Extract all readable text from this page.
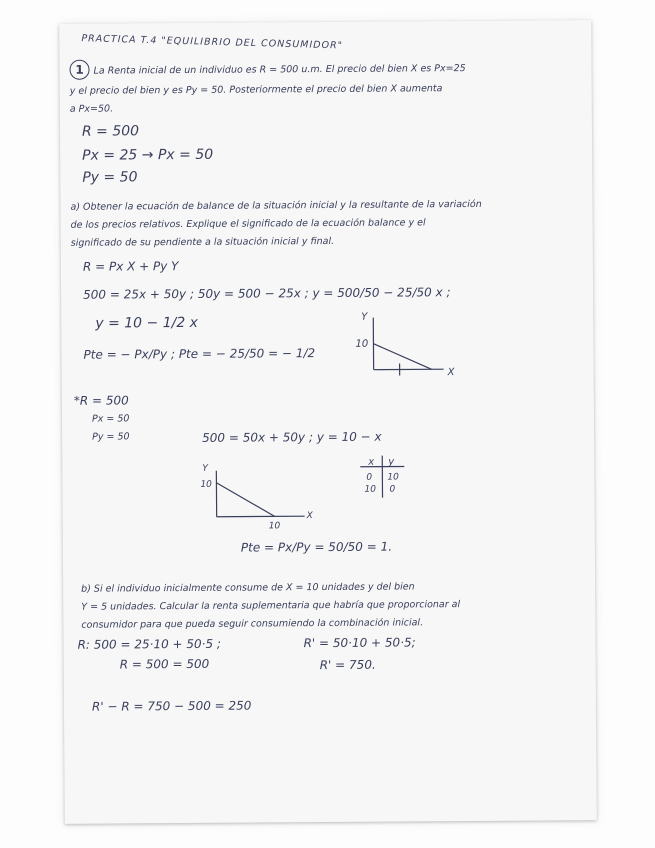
PRACTICA T.4 "EQUILIBRIO DEL CONSUMIDOR"
1	La Renta inicial de un individuo es R = 500 u.m. El precio del bien X es Px=25
y el precio del bien y es Py = 50. Posteriormente el precio del bien X aumenta
a Px=50.
R = 500
Px = 25 → Px = 50
Py = 50
a) Obtener la ecuación de balance de la situación inicial y la resultante de la variación
de los precios relativos. Explique el significado de la ecuación balance y el
significado de su pendiente a la situación inicial y final.
R = Px X + Py Y
500 = 25x + 50y ; 50y = 500 − 25x ; y = 500/50 − 25/50 x ;
y = 10 − 1/2 x
Pte = − Px/Py ; Pte = − 25/50 = − 1/2
Y
X
10
*R = 500
Px = 50
Py = 50	500 = 50x + 50y ; y = 10 − x
x y
0 10
10 0
Y
X
10
10
Pte = Px/Py = 50/50 = 1.
b) Si el individuo inicialmente consume de X = 10 unidades y del bien
Y = 5 unidades. Calcular la renta suplementaria que habría que proporcionar al
consumidor para que pueda seguir consumiendo la combinación inicial.
R: 500 = 25·10 + 50·5 ;
R = 500 = 500
R' = 50·10 + 50·5;
R' = 750.
R' − R = 750 − 500 = 250
